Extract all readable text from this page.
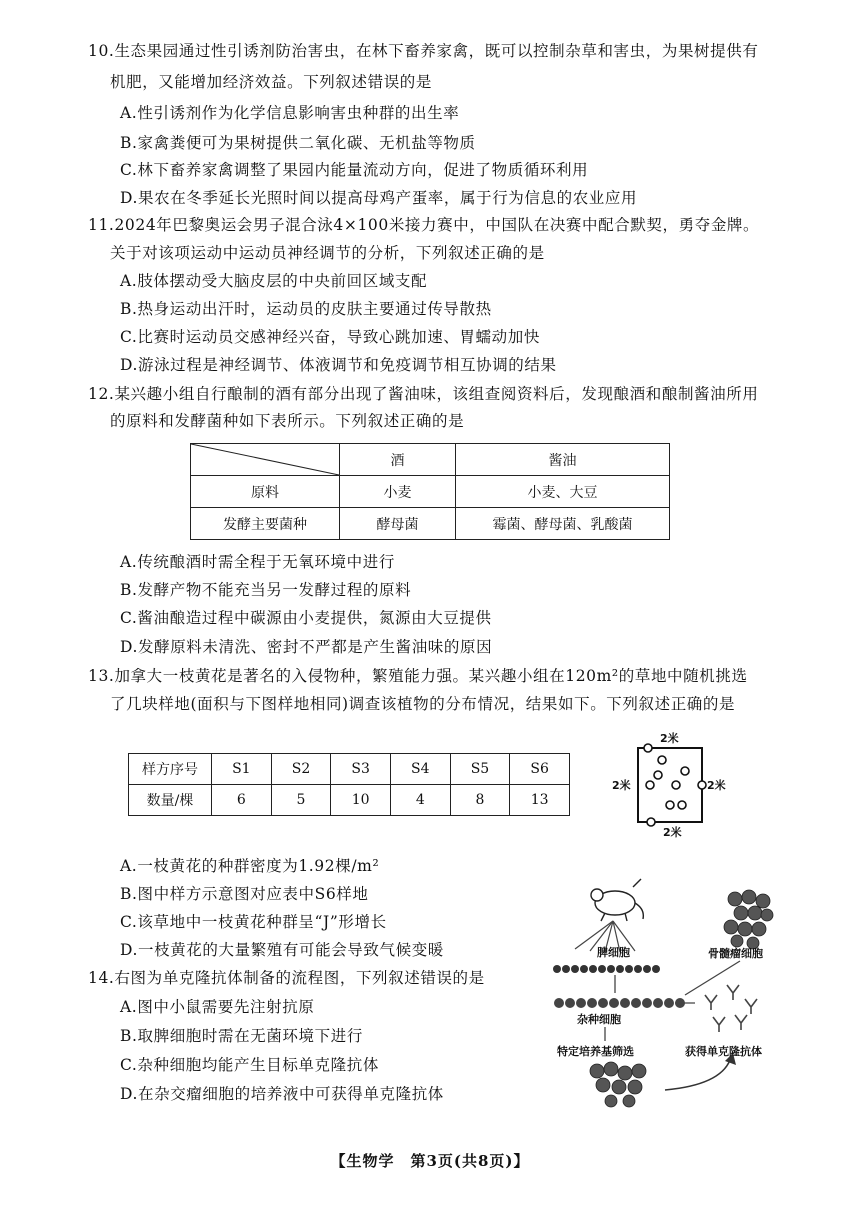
10.生态果园通过性引诱剂防治害虫，在林下畜养家禽，既可以控制杂草和害虫，为果树提供有
机肥，又能增加经济效益。下列叙述错误的是
A.性引诱剂作为化学信息影响害虫种群的出生率
B.家禽粪便可为果树提供二氧化碳、无机盐等物质
C.林下畜养家禽调整了果园内能量流动方向，促进了物质循环利用
D.果农在冬季延长光照时间以提高母鸡产蛋率，属于行为信息的农业应用
11.2024年巴黎奥运会男子混合泳4×100米接力赛中，中国队在决赛中配合默契，勇夺金牌。
关于对该项运动中运动员神经调节的分析，下列叙述正确的是
A.肢体摆动受大脑皮层的中央前回区域支配
B.热身运动出汗时，运动员的皮肤主要通过传导散热
C.比赛时运动员交感神经兴奋，导致心跳加速、胃蠕动加快
D.游泳过程是神经调节、体液调节和免疫调节相互协调的结果
12.某兴趣小组自行酿制的酒有部分出现了酱油味，该组查阅资料后，发现酿酒和酿制酱油所用
的原料和发酵菌种如下表所示。下列叙述正确的是
	酒	酱油
原料	小麦	小麦、大豆
发酵主要菌种	酵母菌	霉菌、酵母菌、乳酸菌
A.传统酿酒时需全程于无氧环境中进行
B.发酵产物不能充当另一发酵过程的原料
C.酱油酿造过程中碳源由小麦提供，氮源由大豆提供
D.发酵原料未清洗、密封不严都是产生酱油味的原因
13.加拿大一枝黄花是著名的入侵物种，繁殖能力强。某兴趣小组在120m²的草地中随机挑选
了几块样地(面积与下图样地相同)调查该植物的分布情况，结果如下。下列叙述正确的是
样方序号	S1	S2	S3	S4	S5	S6
数量/棵	6	5	10	4	8	13
2米
2米	2米
2米
A.一枝黄花的种群密度为1.92棵/m²
B.图中样方示意图对应表中S6样地
C.该草地中一枝黄花种群呈“J”形增长
D.一枝黄花的大量繁殖有可能会导致气候变暖
14.右图为单克隆抗体制备的流程图，下列叙述错误的是
A.图中小鼠需要先注射抗原
B.取脾细胞时需在无菌环境下进行
C.杂种细胞均能产生目标单克隆抗体
D.在杂交瘤细胞的培养液中可获得单克隆抗体
脾细胞	骨髓瘤细胞
杂种细胞
特定培养基筛选	获得单克隆抗体
【生物学　第3页(共8页)】
